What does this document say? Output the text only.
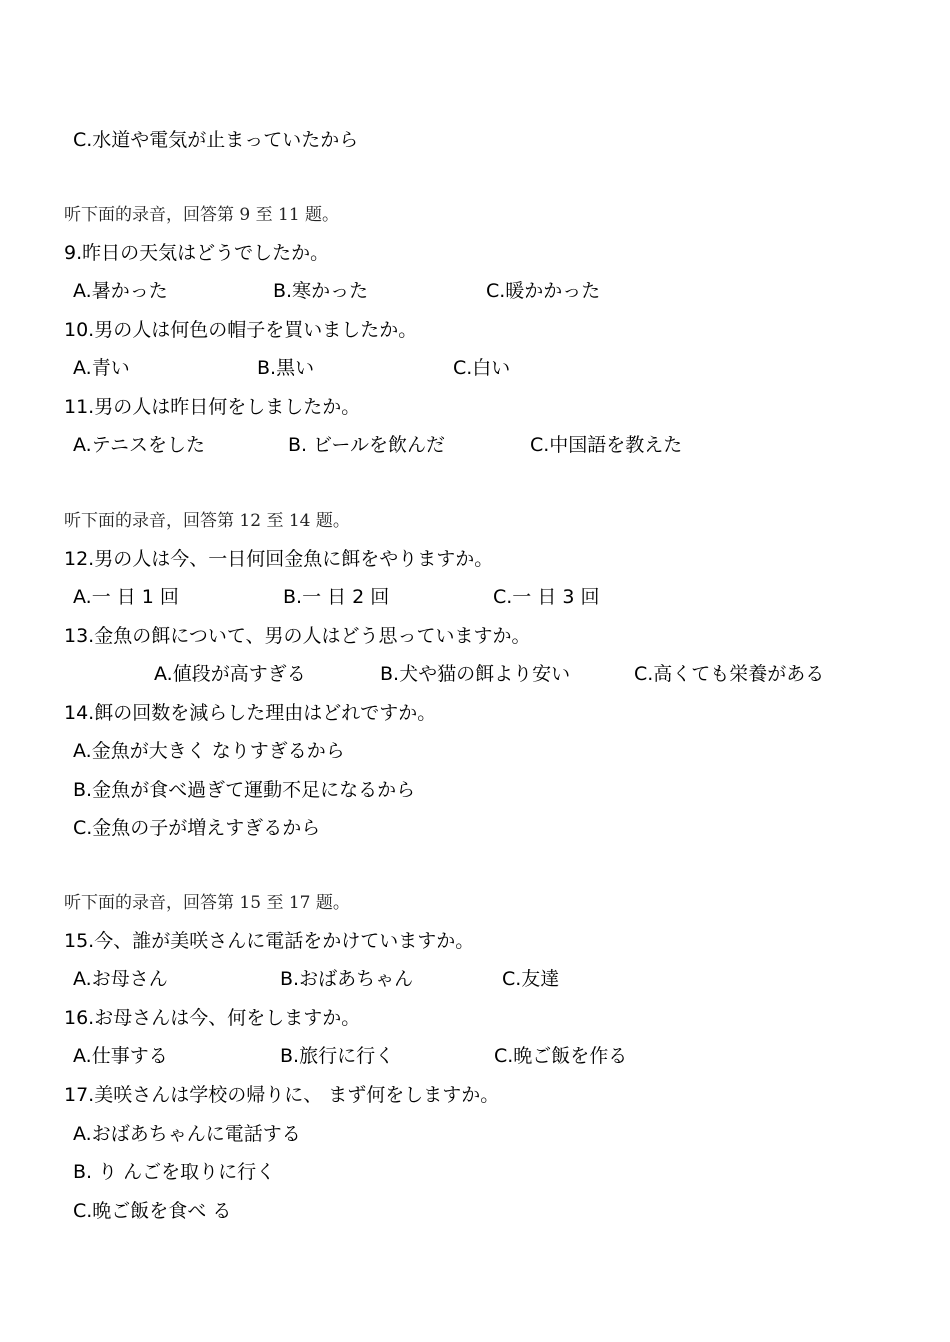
C.水道や電気が止まっていたから
听下面的录音，回答第 9 至 11 题。
9.昨日の天気はどうでしたか。
A.暑かった	B.寒かった	C.暖かかった
10.男の人は何色の帽子を買いましたか。
A.青い	B.黒い	C.白い
11.男の人は昨日何をしましたか。
A.テニスをした	B. ビールを飲んだ	C.中国語を教えた
听下面的录音，回答第 12 至 14 题。
12.男の人は今、一日何回金魚に餌をやりますか。
A.一 日 1 回	B.一 日 2 回	C.一 日 3 回
13.金魚の餌について、男の人はどう思っていますか。
A.値段が高すぎる	B.犬や猫の餌より安い	C.高くても栄養がある
14.餌の回数を減らした理由はどれですか。
A.金魚が大きく なりすぎるから
B.金魚が食べ過ぎて運動不足になるから
C.金魚の子が増えすぎるから
听下面的录音，回答第 15 至 17 题。
15.今、誰が美咲さんに電話をかけていますか。
A.お母さん	B.おばあちゃん	C.友達
16.お母さんは今、何をしますか。
A.仕事する	B.旅行に行く	C.晩ご飯を作る
17.美咲さんは学校の帰りに、 まず何をしますか。
A.おばあちゃんに電話する
B. り んごを取りに行く
C.晩ご飯を食べ る
